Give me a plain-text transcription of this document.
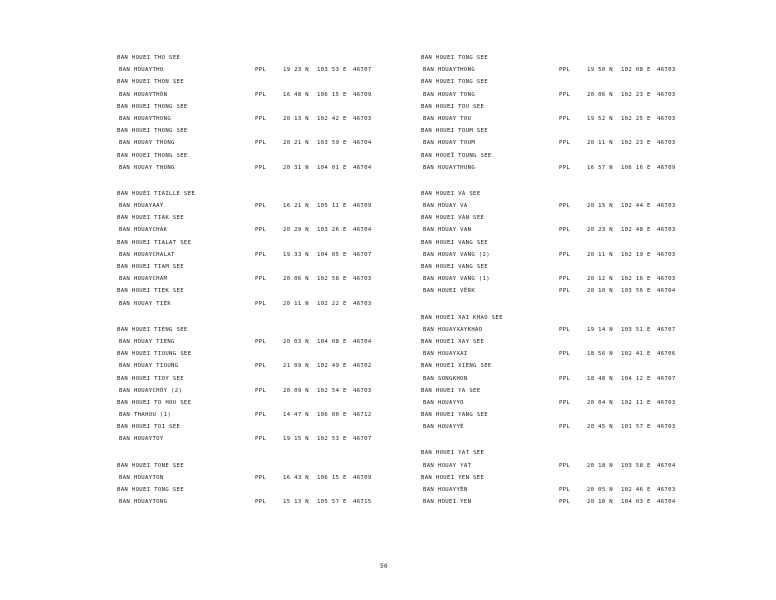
BAN HOUEI THO SEE
BAN HOUAYTHO	PPL	19 23 N 103 53 E 46707
BAN HOUEI THON SEE
BAN HOUAYTHÔN	PPL	16 48 N 106 15 E 46709
BAN HOUEI THONG SEE
BAN HOUAYTHONG	PPL	20 13 N 102 42 E 46703
BAN HOUEI THONG SEE
BAN HOUAY THONG	PPL	20 21 N 103 59 E 46704
BAN HOUEI THONG SEE
BAN HOUAY THONG	PPL	20 31 N 104 01 E 46704
BAN HOUÉI TIAILLE SEE
BAN HOUAYAAY	PPL	16 21 N 105 11 E 46709
BAN HOUEI TIAK SEE
BAN HOUAYCHAK	PPL	20 29 N 103 26 E 46704
BAN HOUEI TIALAT SEE
BAN HOUAYCHALAT	PPL	19 33 N 104 05 E 46707
BAN HOUEI TIAM SEE
BAN HOUAYCHAM	PPL	20 06 N 102 58 E 46703
BAN HOUEI TIEK SEE
BAN HOUAY TIÈK	PPL	20 11 N 102 22 E 46703
BAN HOUEI TIENG SEE
BAN HOUAY TIENG	PPL	20 03 N 104 08 E 46704
BAN HOUEI TIOUNG SEE
BAN HOUAY TIOUNG	PPL	21 09 N 102 49 E 46702
BAN HOUEI TIOY SEE
BAN HOUAYCHÖY (2)	PPL	20 09 N 102 54 E 46703
BAN HOUEI TO HOU SEE
BAN THAHOU (1)	PPL	14 47 N 106 00 E 46712
BAN HOUEI TOI SEE
BAN HOUAYTOY	PPL	19 15 N 102 53 E 46707
BAN HOUEI TONE SEE
BAN HOUAYTON	PPL	16 43 N 106 15 E 46709
BAN HOUEI TONG SEE
BAN HOUAYTONG	PPL	15 13 N 105 57 E 46715
BAN HOUEI TONG SEE
BAN HOUAYTHONG	PPL	19 50 N 102 08 E 46703
BAN HOUEI TONG SEE
BAN HOUAY TONG	PPL	20 06 N 102 23 E 46703
BAN HOUEI TOU SEE
BAN HOUAY TOU	PPL	19 52 N 102 25 E 46703
BAN HOUEI TOUM SEE
BAN HOUAY TOUM	PPL	20 11 N 102 23 E 46703
BAN HOUEÏ TOUNG SEE
BAN HOUAYTHUNG	PPL	16 57 N 106 16 E 46709
BAN HOUEI VA SEE
BAN HOUAY VA	PPL	20 15 N 102 44 E 46703
BAN HOUEI VAN SEE
BAN HOUAY VAN	PPL	20 23 N 102 48 E 46703
BAN HOUEI VANG SEE
BAN HOUAY VANG (2)	PPL	20 11 N 102 19 E 46703
BAN HOUEI VANG SEE
BAN HOUAY VANG (1)	PPL	20 12 N 102 16 E 46703
BAN HOUEI VÊRK	PPL	20 10 N 103 56 E 46704
BAN HOUEI XAI KHAO SEE
BAN HOUAYXAYKHAO	PPL	19 14 N 103 51 E 46707
BAN HOUEI XAY SEE
BAN HOUAYXAI	PPL	18 56 N 102 41 E 46706
BAN HOUEI XIENG SEE
BAN SONGKHON	PPL	18 48 N 104 12 E 46707
BAN HOUEI YA SEE
BAN HOUAYYO	PPL	20 04 N 102 11 E 46703
BAN HOUEI YANG SEE
BAN HOUAYYĖ	PPL	20 45 N 101 57 E 46703
BAN HOUEI YAT SEE
BAN HOUAY YAT	PPL	20 18 N 103 58 E 46704
BAN HOUEI YEN SEE
BAN HOUAYYÊN	PPL	20 05 N 102 46 E 46703
BAN HOUEI YEN	PPL	20 18 N 104 03 E 46704
50
